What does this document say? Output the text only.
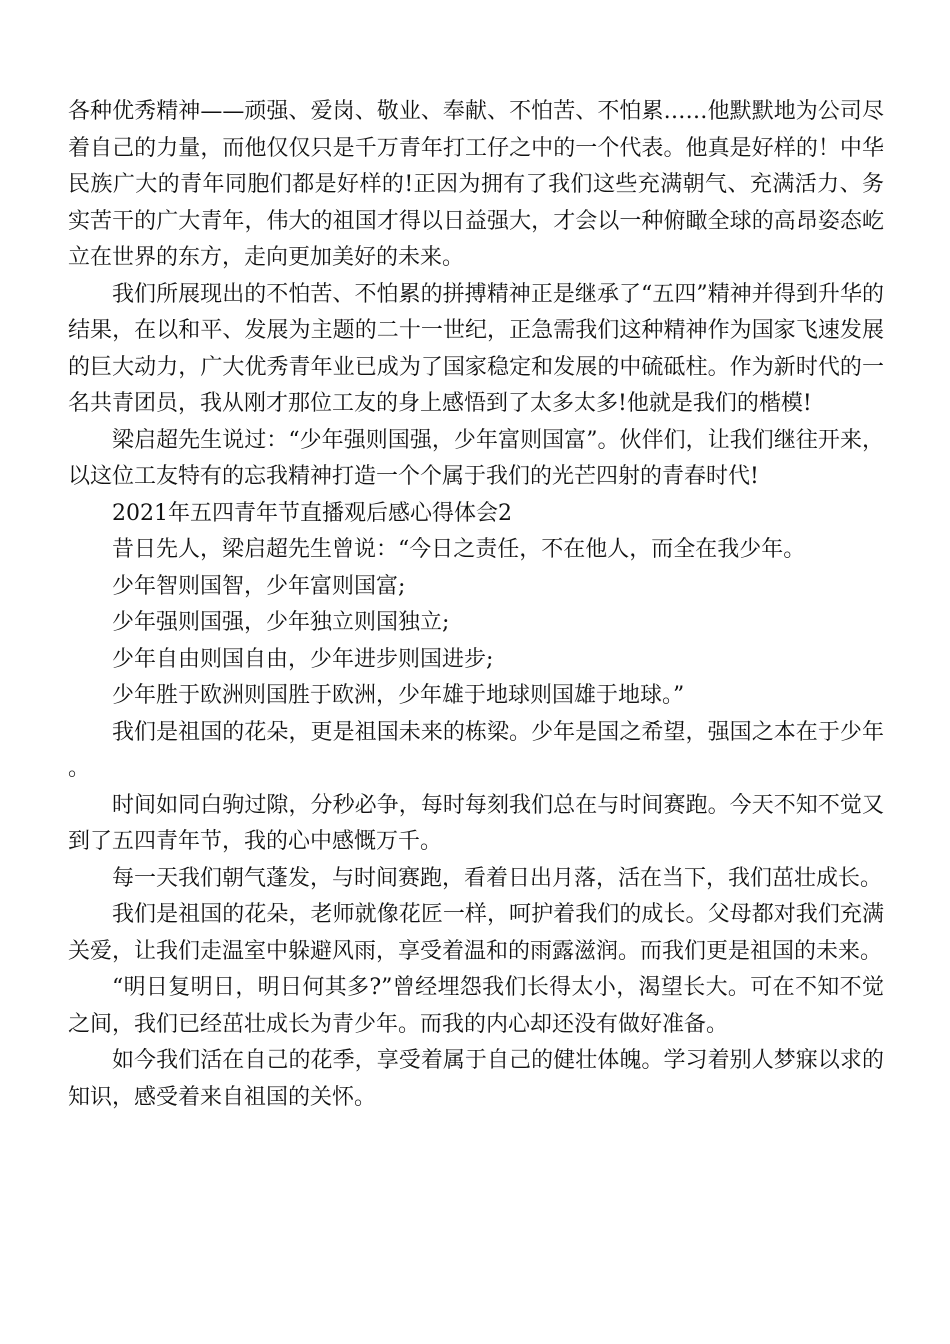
各种优秀精神——顽强、爱岗、敬业、奉献、不怕苦、不怕累……他默默地为公司尽着自己的力量，而他仅仅只是千万青年打工仔之中的一个代表。他真是好样的！中华民族广大的青年同胞们都是好样的!正因为拥有了我们这些充满朝气、充满活力、务实苦干的广大青年，伟大的祖国才得以日益强大，才会以一种俯瞰全球的高昂姿态屹立在世界的东方，走向更加美好的未来。

我们所展现出的不怕苦、不怕累的拼搏精神正是继承了“五四”精神并得到升华的结果，在以和平、发展为主题的二十一世纪，正急需我们这种精神作为国家飞速发展的巨大动力，广大优秀青年业已成为了国家稳定和发展的中硫砥柱。作为新时代的一名共青团员，我从刚才那位工友的身上感悟到了太多太多!他就是我们的楷模!

梁启超先生说过：“少年强则国强，少年富则国富”。伙伴们，让我们继往开来，以这位工友特有的忘我精神打造一个个属于我们的光芒四射的青春时代!

2021年五四青年节直播观后感心得体会2

昔日先人，梁启超先生曾说：“今日之责任，不在他人，而全在我少年。

少年智则国智，少年富则国富;

少年强则国强，少年独立则国独立;

少年自由则国自由，少年进步则国进步;

少年胜于欧洲则国胜于欧洲，少年雄于地球则国雄于地球。”

我们是祖国的花朵，更是祖国未来的栋梁。少年是国之希望，强国之本在于少年。

时间如同白驹过隙，分秒必争，每时每刻我们总在与时间赛跑。今天不知不觉又到了五四青年节，我的心中感慨万千。

每一天我们朝气蓬发，与时间赛跑，看着日出月落，活在当下，我们茁壮成长。

我们是祖国的花朵，老师就像花匠一样，呵护着我们的成长。父母都对我们充满关爱，让我们走温室中躲避风雨，享受着温和的雨露滋润。而我们更是祖国的未来。

“明日复明日，明日何其多?”曾经埋怨我们长得太小，渴望长大。可在不知不觉之间，我们已经茁壮成长为青少年。而我的内心却还没有做好准备。

如今我们活在自己的花季，享受着属于自己的健壮体魄。学习着别人梦寐以求的知识，感受着来自祖国的关怀。
